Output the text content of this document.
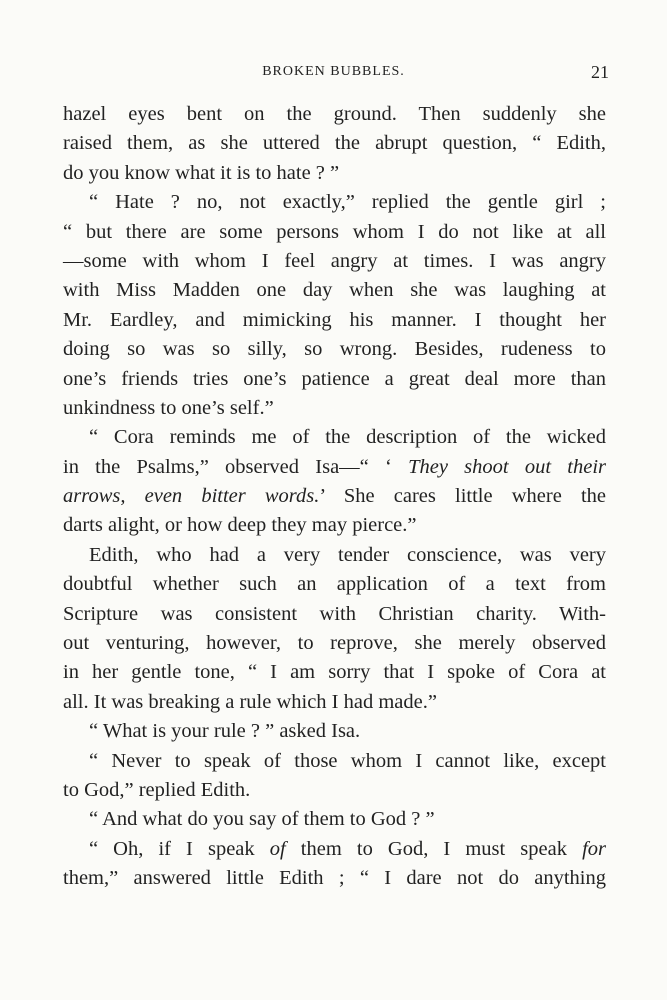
BROKEN BUBBLES.	21
hazel eyes bent on the ground. Then suddenly she
raised them, as she uttered the abrupt question, “ Edith,
do you know what it is to hate ? ”
“ Hate ? no, not exactly,” replied the gentle girl ;
“ but there are some persons whom I do not like at all
—some with whom I feel angry at times. I was angry
with Miss Madden one day when she was laughing at
Mr. Eardley, and mimicking his manner. I thought her
doing so was so silly, so wrong. Besides, rudeness to
one’s friends tries one’s patience a great deal more than
unkindness to one’s self.”
“ Cora reminds me of the description of the wicked
in the Psalms,” observed Isa—“ ‘ They shoot out their
arrows, even bitter words.’ She cares little where the
darts alight, or how deep they may pierce.”
Edith, who had a very tender conscience, was very
doubtful whether such an application of a text from
Scripture was consistent with Christian charity. With-
out venturing, however, to reprove, she merely observed
in her gentle tone, “ I am sorry that I spoke of Cora at
all. It was breaking a rule which I had made.”
“ What is your rule ? ” asked Isa.
“ Never to speak of those whom I cannot like, except
to God,” replied Edith.
“ And what do you say of them to God ? ”
“ Oh, if I speak of them to God, I must speak for
them,” answered little Edith ; “ I dare not do anything
